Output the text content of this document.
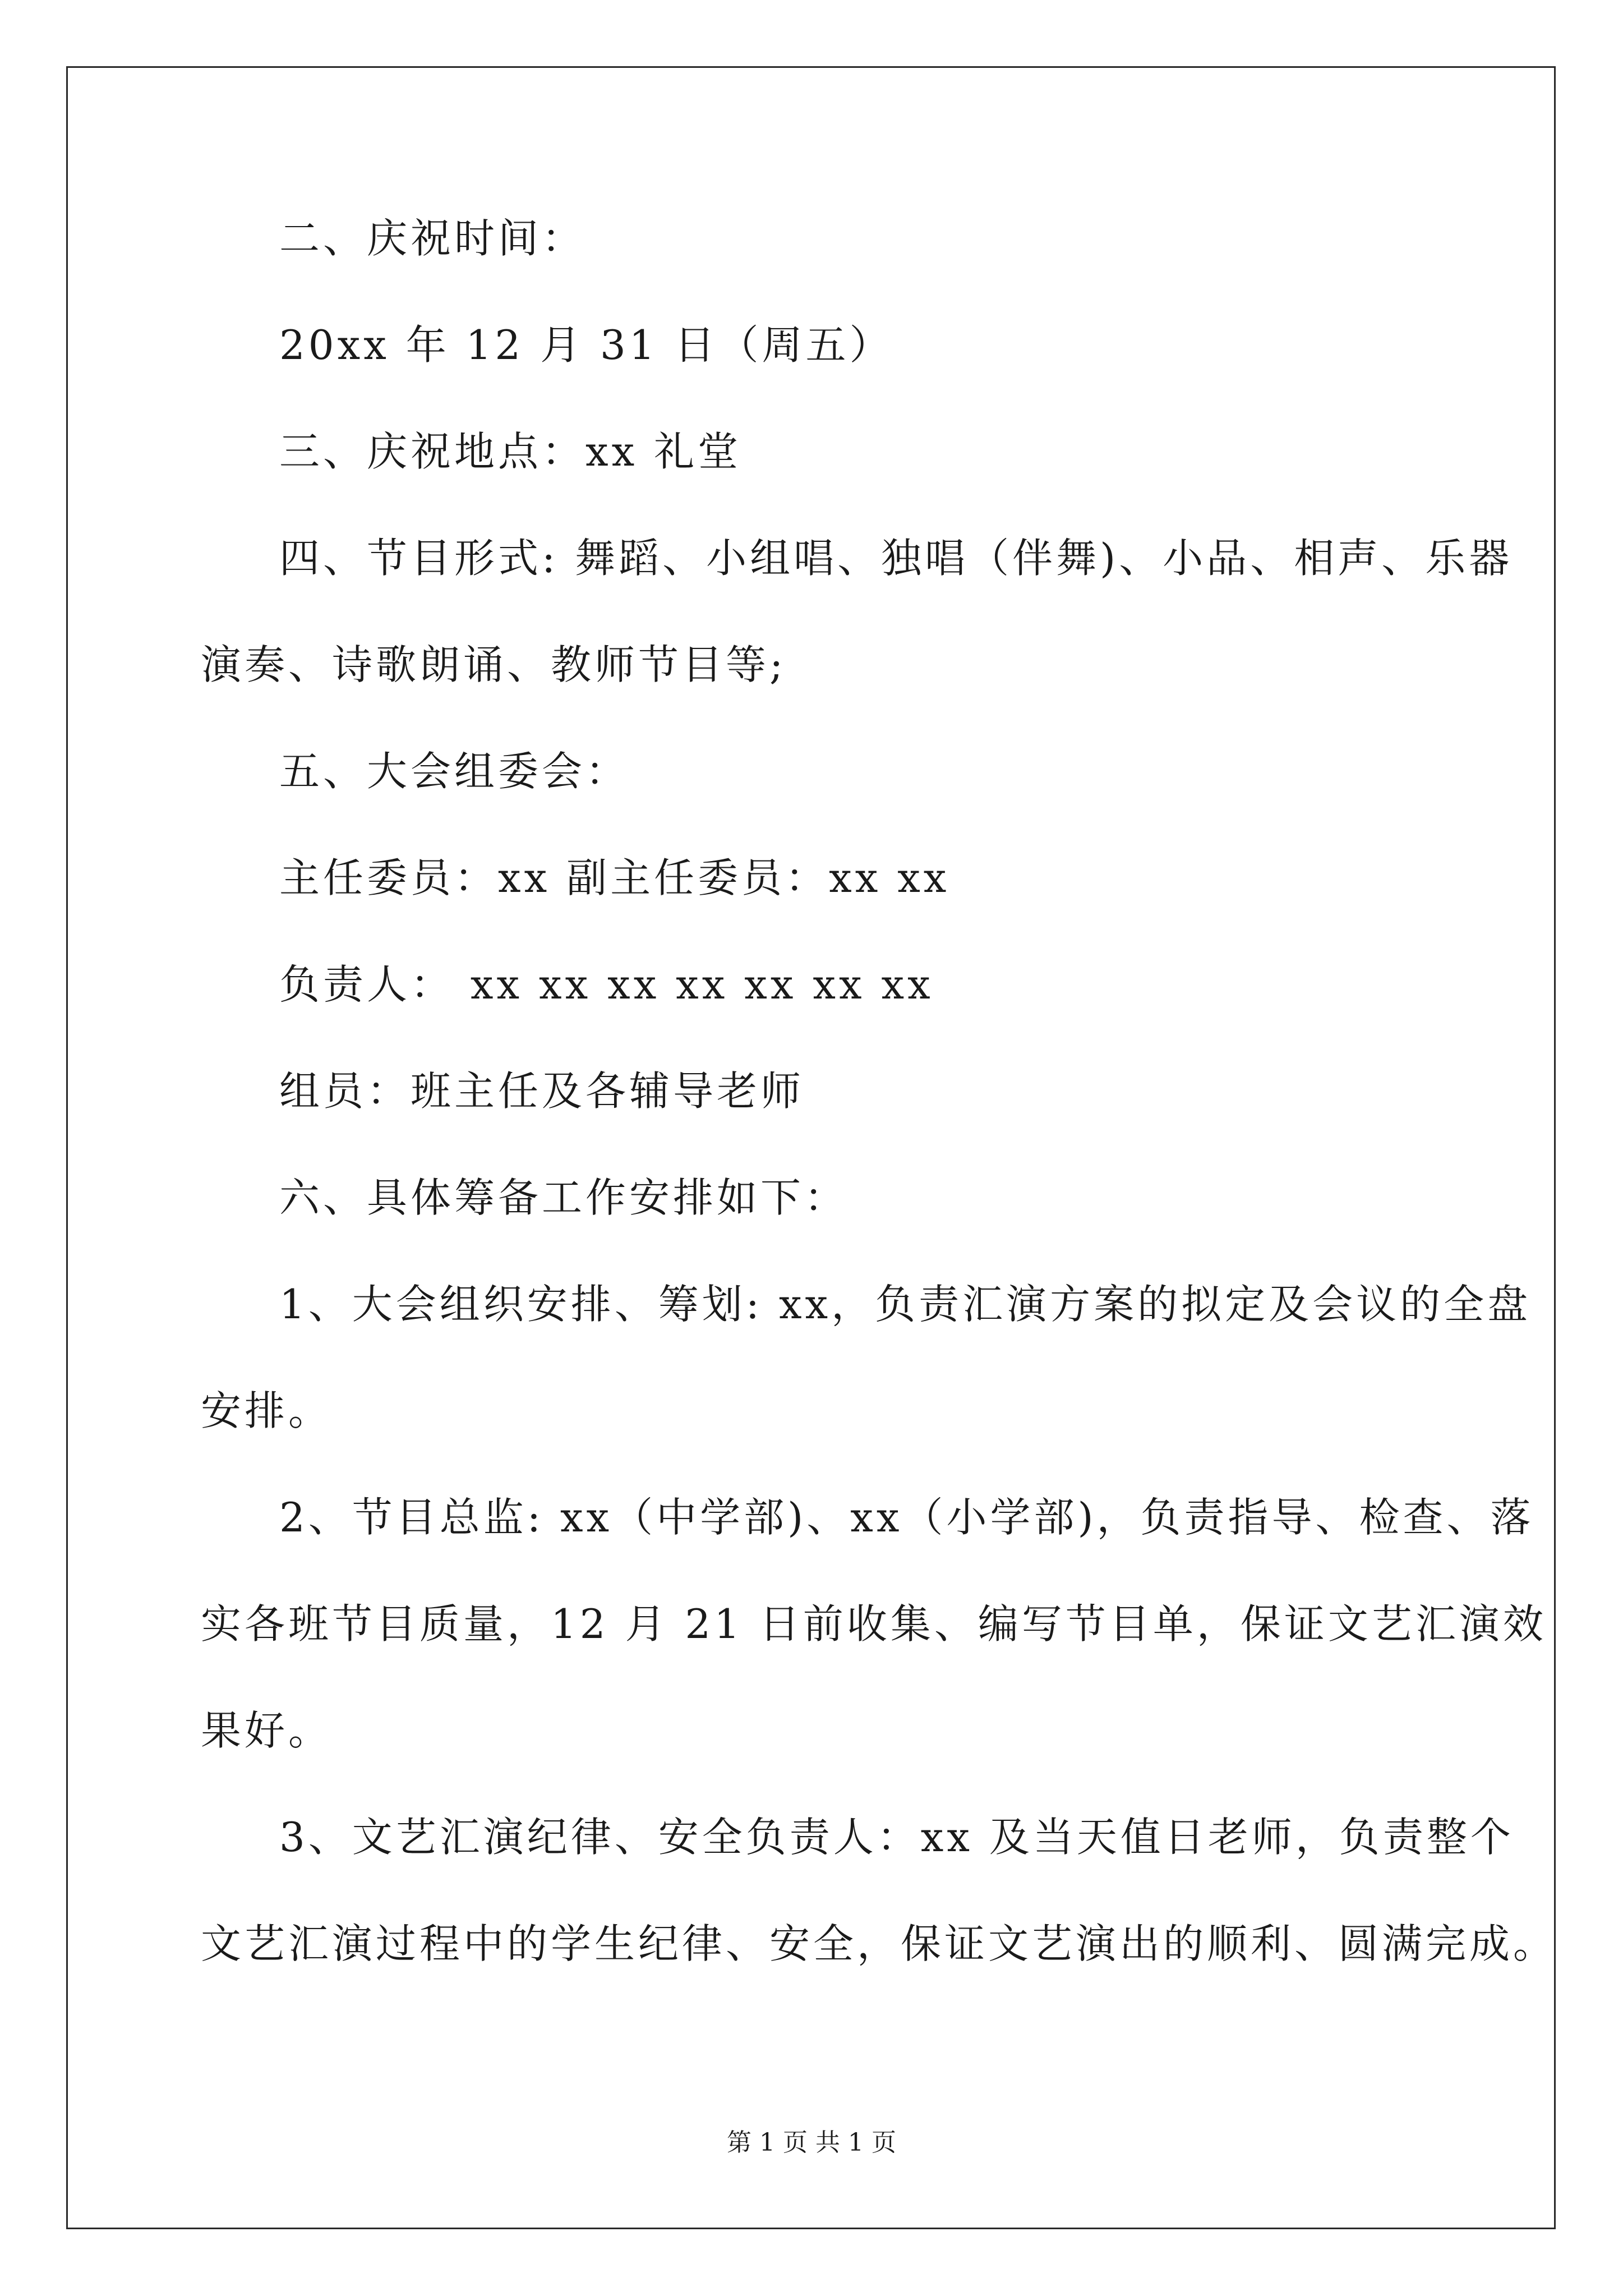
二、庆祝时间：
20xx 年 12 月 31 日（周五）
三、庆祝地点：xx 礼堂
四、节目形式: 舞蹈、小组唱、独唱（伴舞)、小品、相声、乐器
演奏、诗歌朗诵、教师节目等;
五、大会组委会：
主任委员：xx 副主任委员：xx xx
负责人： xx xx xx xx xx xx xx
组员：班主任及各辅导老师
六、具体筹备工作安排如下：
1、大会组织安排、筹划: xx，负责汇演方案的拟定及会议的全盘
安排。
2、节目总监: xx（中学部)、xx（小学部)，负责指导、检查、落
实各班节目质量，12 月 21 日前收集、编写节目单，保证文艺汇演效
果好。
3、文艺汇演纪律、安全负责人：xx 及当天值日老师，负责整个
文艺汇演过程中的学生纪律、安全，保证文艺演出的顺利、圆满完成。
第 1 页 共 1 页
